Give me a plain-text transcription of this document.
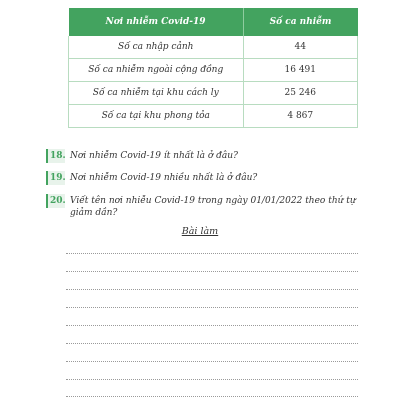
Nơi nhiễm Covid-19	Số ca nhiễm
Số ca nhập cảnh	44
Số ca nhiễm ngoài cộng đồng	16 491
Số ca nhiễm tại khu cách ly	25 246
Số ca tại khu phong tỏa	4 867
18. Nơi nhiễm Covid-19 ít nhất là ở đâu?
19. Nơi nhiễm Covid-19 nhiều nhất là ở đâu?
20. Viết tên nơi nhiễu Covid-19 trong ngày 01/01/2022 theo thứ tự giảm dần?
Bài làm
